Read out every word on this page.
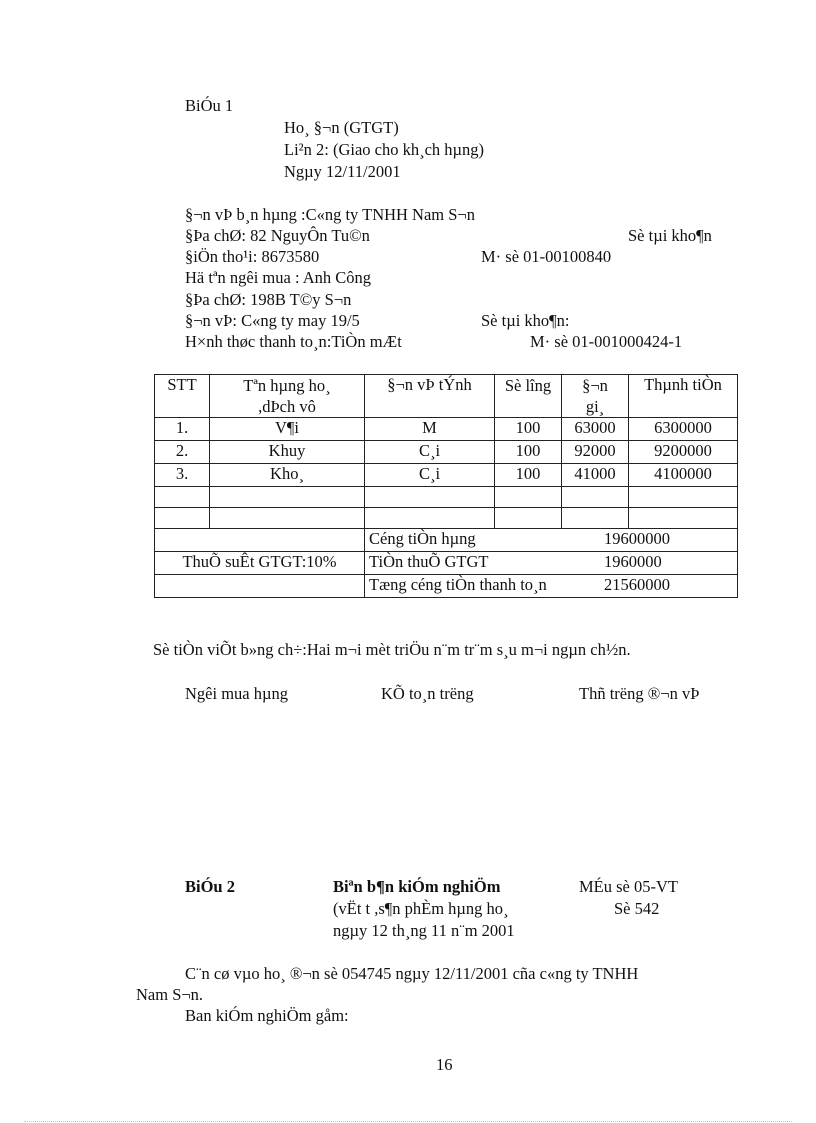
BiÓu 1
Ho¸ §¬n (GTGT)
Li²n 2: (Giao cho kh¸ch hµng)
Ngµy 12/11/2001
§¬n vÞ b¸n hµng :C«ng ty TNHH Nam S¬n
§Þa chØ: 82 NguyÔn Tu©n	Sè tµi kho¶n
§iÖn tho¹i: 8673580	M· sè 01-00100840
Hä tªn ngêi mua : Anh Công
§Þa chØ: 198B T©y S¬n
§¬n vÞ: C«ng ty may 19/5	Sè tµi kho¶n:
H×nh thøc thanh to¸n:TiÒn mÆt	M· sè 01-001000424-1
STT	Tªn hµng ho¸ ,dÞch vô	§¬n vÞ tÝnh	Sè lîng	§¬n gi¸	Thµnh tiÒn
1.	V¶i	M	100	63000	6300000
2.	Khuy	C¸i	100	92000	9200000
3.	Kho¸	C¸i	100	41000	4100000

		Céng tiÒn hµng 19600000			
ThuÕ suÊt GTGT:10%		TiÒn thuÕ GTGT 1960000			
		Tæng céng tiÒn thanh to¸n 21560000			
Sè tiÒn viÕt b»ng ch÷:Hai m¬i mèt triÖu n¨m tr¨m s¸u m¬i ngµn ch½n.
Ngêi mua hµng	KÕ to¸n trëng	Thñ trëng ®¬n vÞ
BiÓu 2	Biªn b¶n kiÓm nghiÖm	MÉu sè 05-VT
(vËt t ,s¶n phÈm hµng ho¸	Sè 542
ngµy 12 th¸ng 11 n¨m 2001
C¨n cø vµo ho¸ ®¬n sè 054745 ngµy 12/11/2001 cña c«ng ty TNHH
Nam S¬n.
Ban kiÓm nghiÖm gåm:
16
